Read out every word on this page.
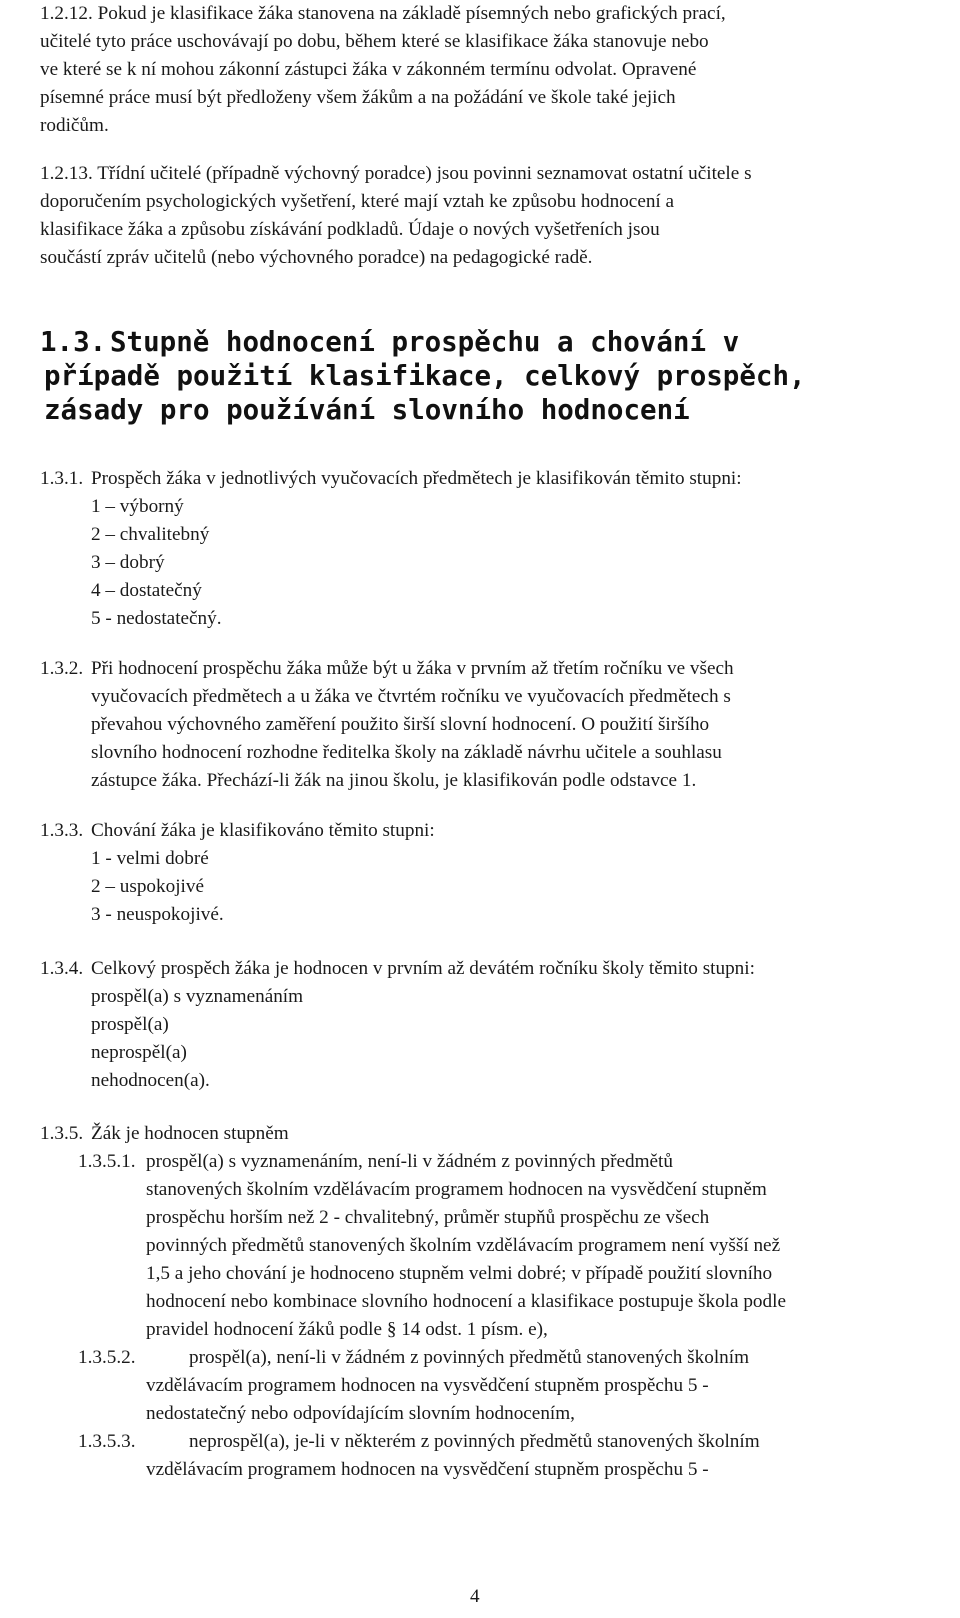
1.2.12. Pokud je klasifikace žáka stanovena na základě písemných nebo grafických prací,
učitelé tyto práce uschovávají po dobu, během které se klasifikace žáka stanovuje nebo
ve které se k ní mohou zákonní zástupci žáka v zákonném termínu odvolat. Opravené
písemné práce musí být předloženy všem žákům a na požádání ve škole také jejich
rodičům.
1.2.13. Třídní učitelé (případně výchovný poradce) jsou povinni seznamovat ostatní učitele s
doporučením psychologických vyšetření, které mají vztah ke způsobu hodnocení a
klasifikace žáka a způsobu získávání podkladů. Údaje o nových vyšetřeních jsou
součástí zpráv učitelů (nebo výchovného poradce) na pedagogické radě.
1.3. Stupně hodnocení prospěchu a chování v
případě použití klasifikace, celkový prospěch,
zásady pro používání slovního hodnocení
1.3.1. Prospěch žáka v jednotlivých vyučovacích předmětech je klasifikován těmito stupni:
1 – výborný
2 – chvalitebný
3 – dobrý
4 – dostatečný
5 - nedostatečný.
1.3.2. Při hodnocení prospěchu žáka může být u žáka v prvním až třetím ročníku ve všech
vyučovacích předmětech a u žáka ve čtvrtém ročníku ve vyučovacích předmětech s
převahou výchovného zaměření použito širší slovní hodnocení. O použití širšího
slovního hodnocení rozhodne ředitelka školy na základě návrhu učitele a souhlasu
zástupce žáka. Přechází-li žák na jinou školu, je klasifikován podle odstavce 1.
1.3.3. Chování žáka je klasifikováno těmito stupni:
1 - velmi dobré
2 – uspokojivé
3 - neuspokojivé.
1.3.4. Celkový prospěch žáka je hodnocen v prvním až devátém ročníku školy těmito stupni:
prospěl(a) s vyznamenáním
prospěl(a)
neprospěl(a)
nehodnocen(a).
1.3.5. Žák je hodnocen stupněm
1.3.5.1. prospěl(a) s vyznamenáním, není-li v žádném z povinných předmětů
stanovených školním vzdělávacím programem hodnocen na vysvědčení stupněm
prospěchu horším než 2 - chvalitebný, průměr stupňů prospěchu ze všech
povinných předmětů stanovených školním vzdělávacím programem není vyšší než
1,5 a jeho chování je hodnoceno stupněm velmi dobré; v případě použití slovního
hodnocení nebo kombinace slovního hodnocení a klasifikace postupuje škola podle
pravidel hodnocení žáků podle § 14 odst. 1 písm. e),
1.3.5.2.	prospěl(a), není-li v žádném z povinných předmětů stanovených školním
vzdělávacím programem hodnocen na vysvědčení stupněm prospěchu 5 -
nedostatečný nebo odpovídajícím slovním hodnocením,
1.3.5.3.	neprospěl(a), je-li v některém z povinných předmětů stanovených školním
vzdělávacím programem hodnocen na vysvědčení stupněm prospěchu 5 -
4
